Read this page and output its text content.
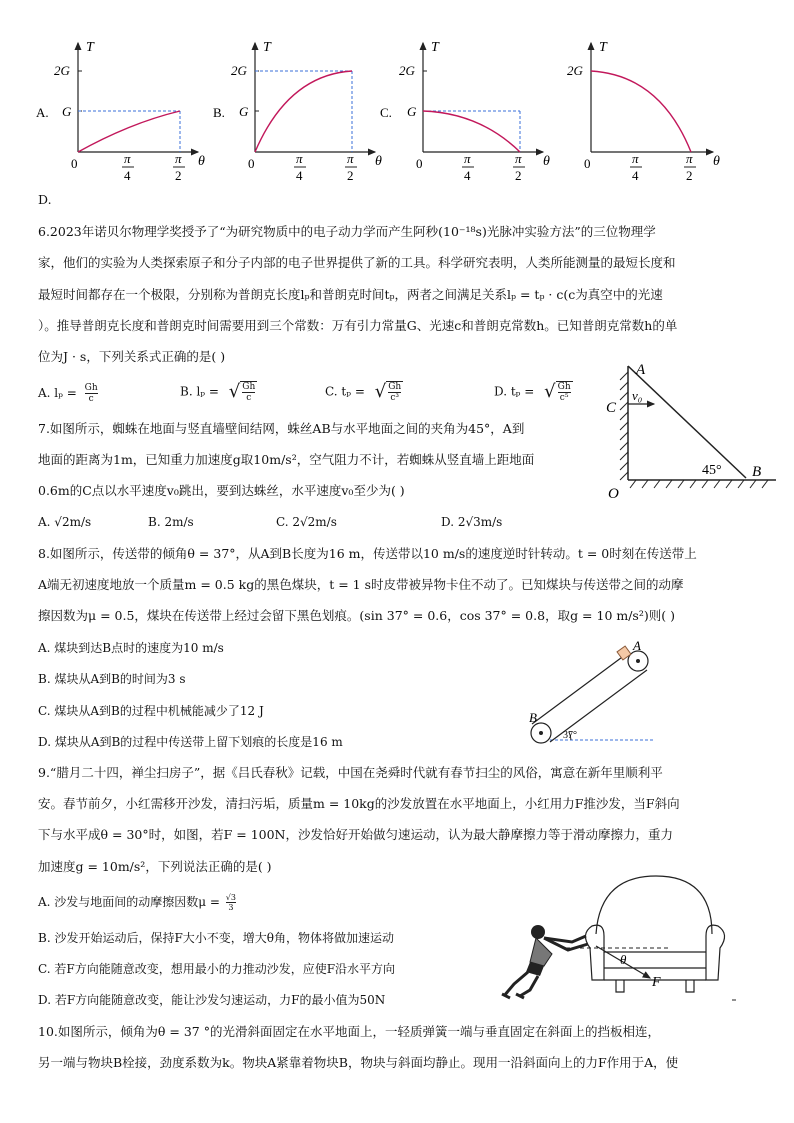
A.
T
θ
2G
G
0	π
4
π
2
B.
T
θ
2G
G
0	π
4
π
2
C.
T
θ
2G
G
0	π
4
π
2
T
θ
2G
0	π
4
π
2
D.
6.2023年诺贝尔物理学奖授予了“为研究物质中的电子动力学而产生阿秒(10⁻¹⁸s)光脉冲实验方法”的三位物理学
家，他们的实验为人类探索原子和分子内部的电子世界提供了新的工具。科学研究表明，人类所能测量的最短长度和
最短时间都存在一个极限，分别称为普朗克长度lₚ和普朗克时间tₚ，两者之间满足关系lₚ = tₚ · c(c为真空中的光速
）。推导普朗克长度和普朗克时间需要用到三个常数：万有引力常量G、光速c和普朗克常数h。已知普朗克常数h的单
位为J · s，下列关系式正确的是( )
A. $l_p = \frac{Gh}{c}$	B. lₚ = √ $\frac{Gh}{c}$	C. tₚ = √ $\frac{Gh}{\text{c³}}$	D. tₚ = √ $\frac{Gh}{\text{c⁵}}$
A
C
v₀
45° B
O
7.如图所示，蜘蛛在地面与竖直墙壁间结网，蛛丝AB与水平地面之间的夹角为45°，A到
地面的距离为1m，已知重力加速度g取10m/s²，空气阻力不计，若蜘蛛从竖直墙上距地面
0.6m的C点以水平速度v₀跳出，要到达蛛丝，水平速度v₀至少为( )
A. √2m/s	B. 2m/s	C. 2√2m/s	D. 2√3m/s
8.如图所示，传送带的倾角θ = 37°，从A到B长度为16 m，传送带以10 m/s的速度逆时针转动。t = 0时刻在传送带上
A端无初速度地放一个质量m = 0.5 kg的黑色煤块，t = 1 s时皮带被异物卡住不动了。已知煤块与传送带之间的动摩
擦因数为μ = 0.5，煤块在传送带上经过会留下黑色划痕。(sin 37° = 0.6，cos 37° = 0.8，取g = 10 m/s²)则( )
A. 煤块到达B点时的速度为10 m/s
B. 煤块从A到B的时间为3 s
C. 煤块从A到B的过程中机械能减少了12 J
D. 煤块从A到B的过程中传送带上留下划痕的长度是16 m
A
B
37°
9.“腊月二十四，禅尘扫房子”，据《吕氏春秋》记载，中国在尧舜时代就有春节扫尘的风俗，寓意在新年里顺利平
安。春节前夕，小红需移开沙发，清扫污垢，质量m = 10kg的沙发放置在水平地面上，小红用力F推沙发，当F斜向
下与水平成θ = 30°时，如图，若F = 100N，沙发恰好开始做匀速运动，认为最大静摩擦力等于滑动摩擦力，重力
加速度g = 10m/s²，下列说法正确的是( )
A. 沙发与地面间的动摩擦因数$\mu = \frac{√3}{3}$
B. 沙发开始运动后，保持F大小不变，增大θ角，物体将做加速运动
C. 若F方向能随意改变，想用最小的力推动沙发，应使F沿水平方向
D. 若F方向能随意改变，能让沙发匀速运动，力F的最小值为50N
θ
F
10.如图所示，倾角为θ = 37 °的光滑斜面固定在水平地面上，一轻质弹簧一端与垂直固定在斜面上的挡板相连，
另一端与物块B栓接，劲度系数为k。物块A紧靠着物块B，物块与斜面均静止。现用一沿斜面向上的力F作用于A，使
